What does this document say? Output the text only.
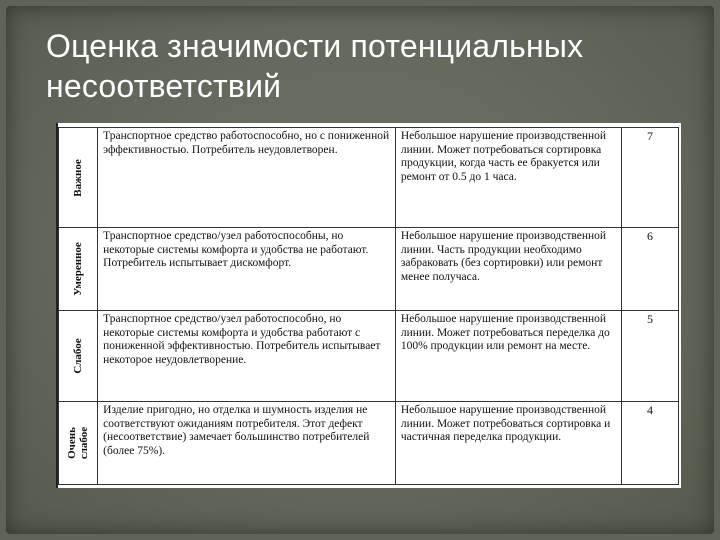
Оценка значимости потенциальных несоответствий
Важное	Транспортное средство работоспособно, но с пониженной эффективностью. Потребитель неудовлетворен.	Небольшое нарушение производственной линии. Может потребоваться сортировка продукции, когда часть ее бракуется или ремонт от 0.5 до 1 часа.	7

Умеренное	Транспортное средство/узел работоспособны, но некоторые системы комфорта и удобства не работают. Потребитель испытывает дискомфорт.	Небольшое нарушение производственной линии. Часть продукции необходимо забраковать (без сортировки) или ремонт менее получаса.	6

Слабое	Транспортное средство/узел работоспособно, но некоторые системы комфорта и удобства работают с пониженной эффективностью. Потребитель испытывает некоторое неудовлетворение.	Небольшое нарушение производственной линии. Может потребоваться переделка до 100% продукции или ремонт на месте.	5

Очень слабое	Изделие пригодно, но отделка и шумность изделия не соответствуют ожиданиям потребителя. Этот дефект (несоответствие) замечает большинство потребителей (более 75%).	Небольшое нарушение производственной линии. Может потребоваться сортировка и частичная переделка продукции.	4
